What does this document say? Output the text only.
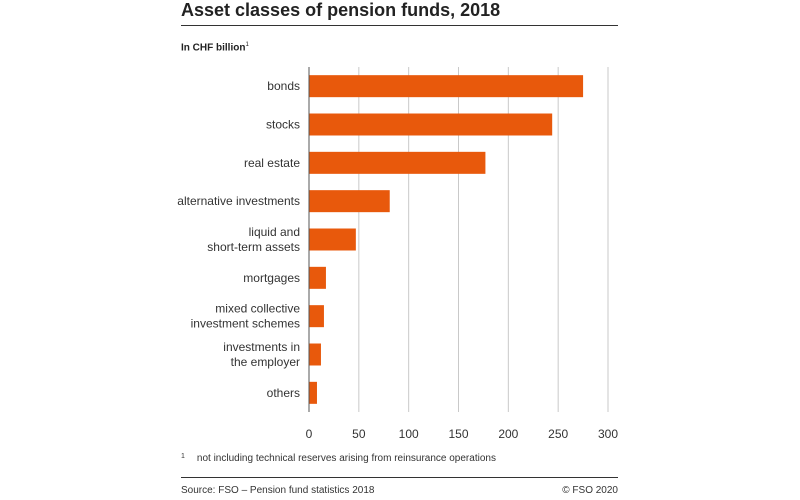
Asset classes of pension funds, 2018
In CHF billion$^1$
0	50	100 150 200 250 300
bonds
stocks
real estate
alternative investments
liquid and
short-term assets
mortgages
mixed collective
investment schemes
investments in
the employer
others
$^1$ not including technical reserves arising from reinsurance operations
Source: FSO – Pension fund statistics 2018	© FSO 2020
